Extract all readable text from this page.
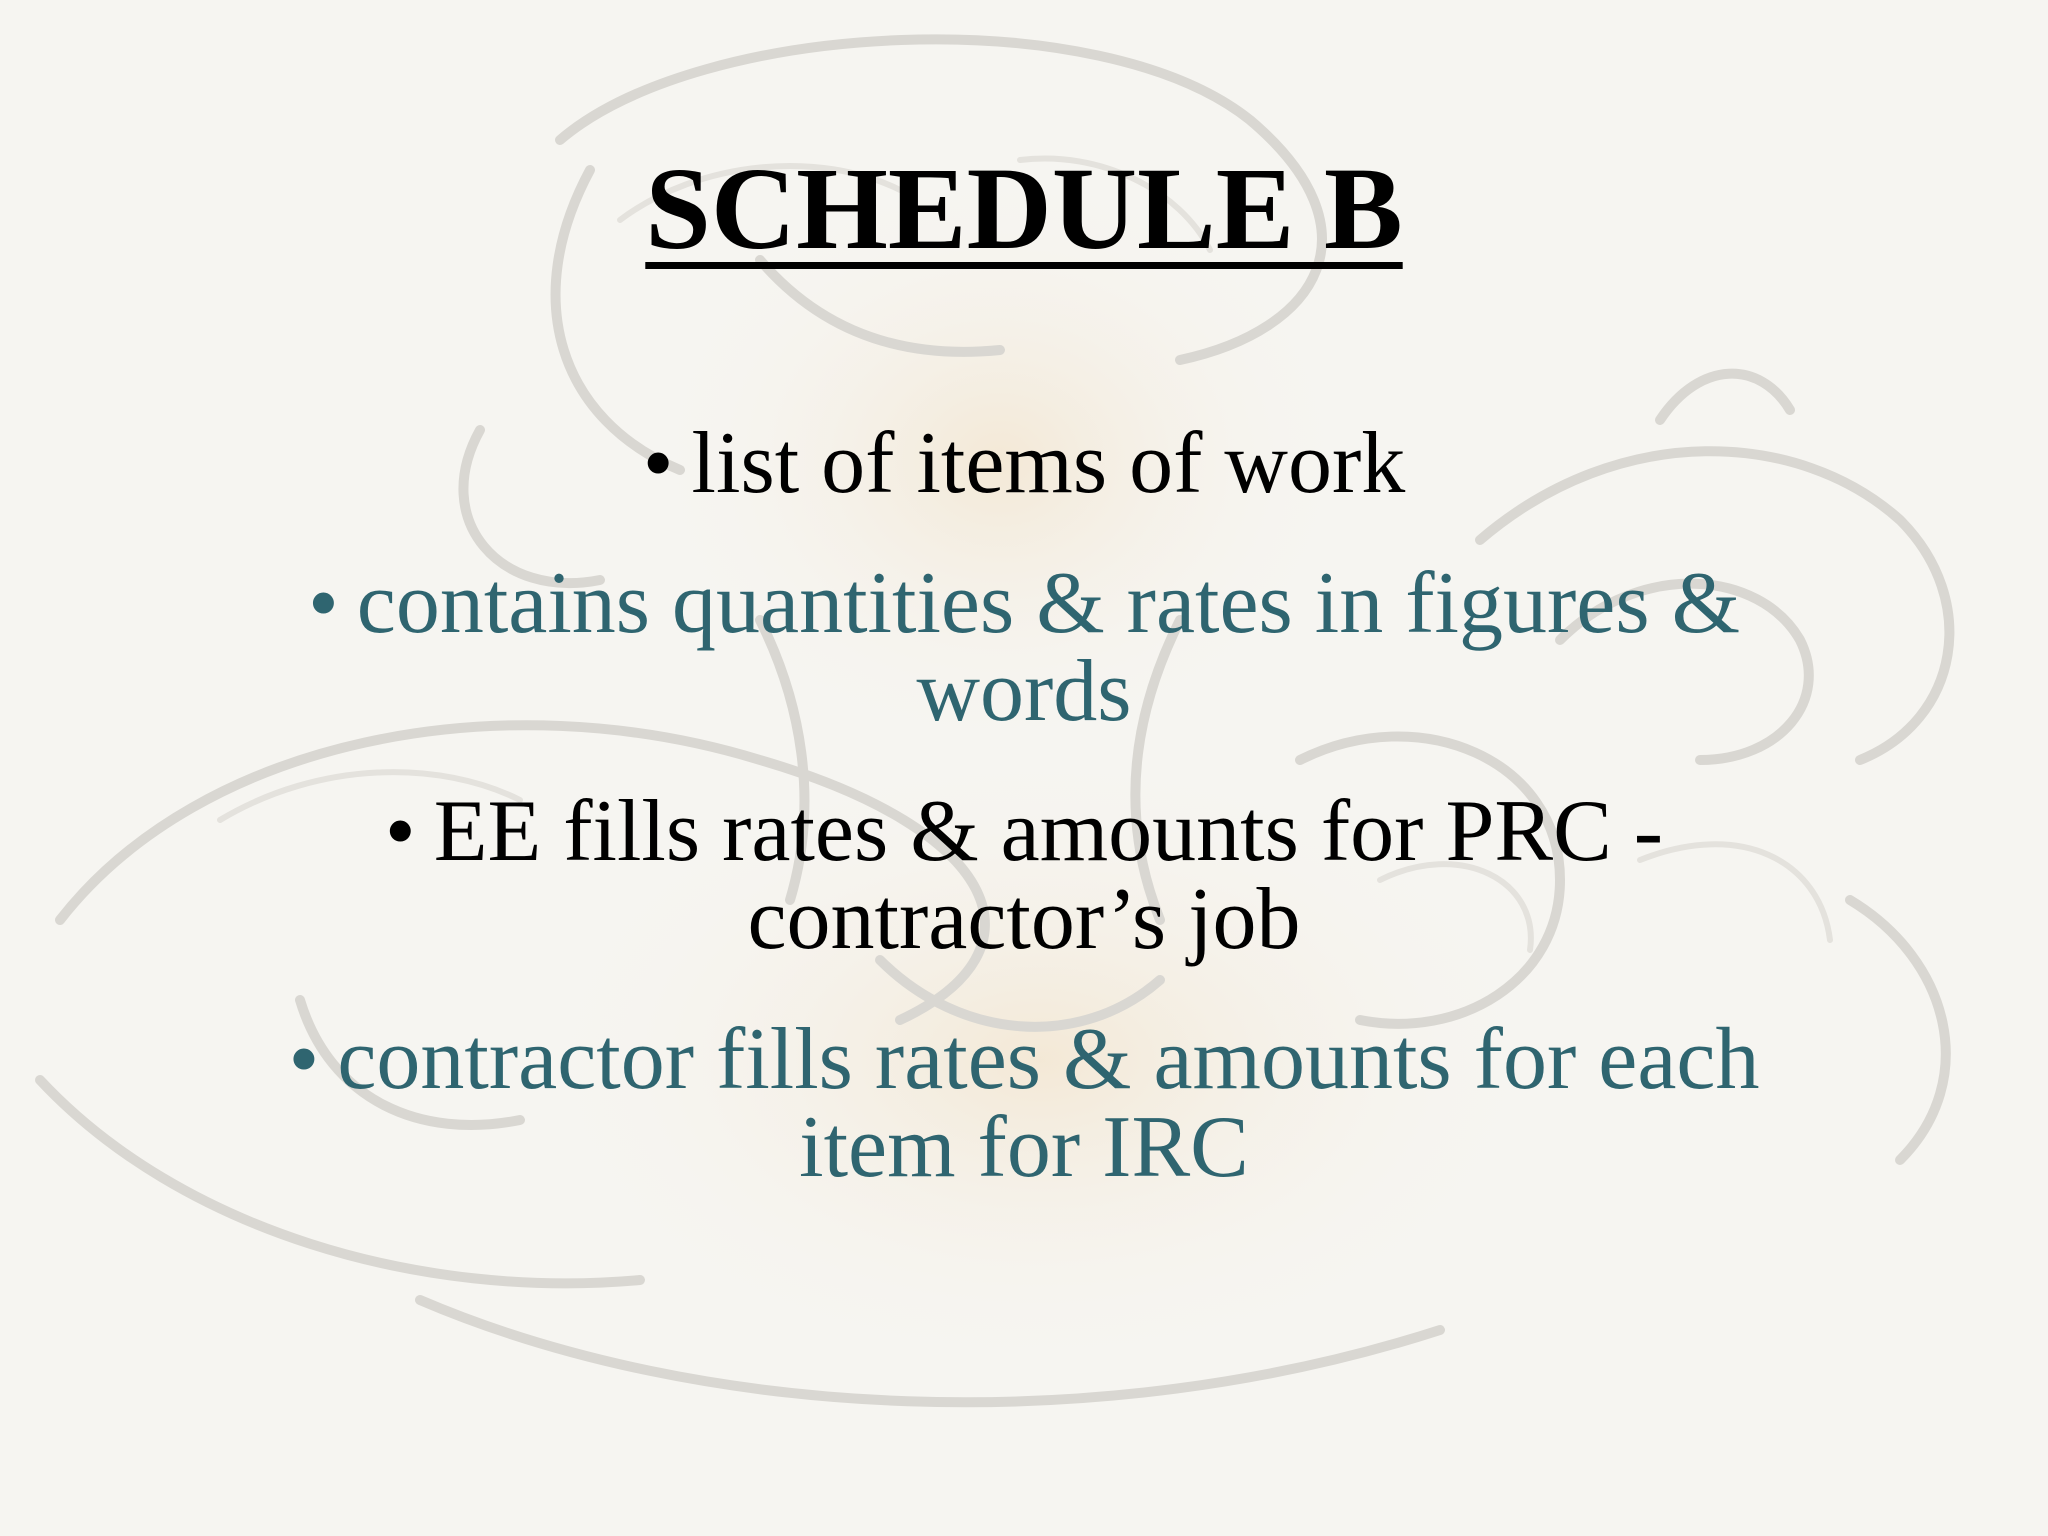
SCHEDULE B
• list of items of work
• contains quantities & rates in figures &
words
• EE fills rates & amounts for PRC -
contractor’s job
• contractor fills rates & amounts for each
item for IRC
